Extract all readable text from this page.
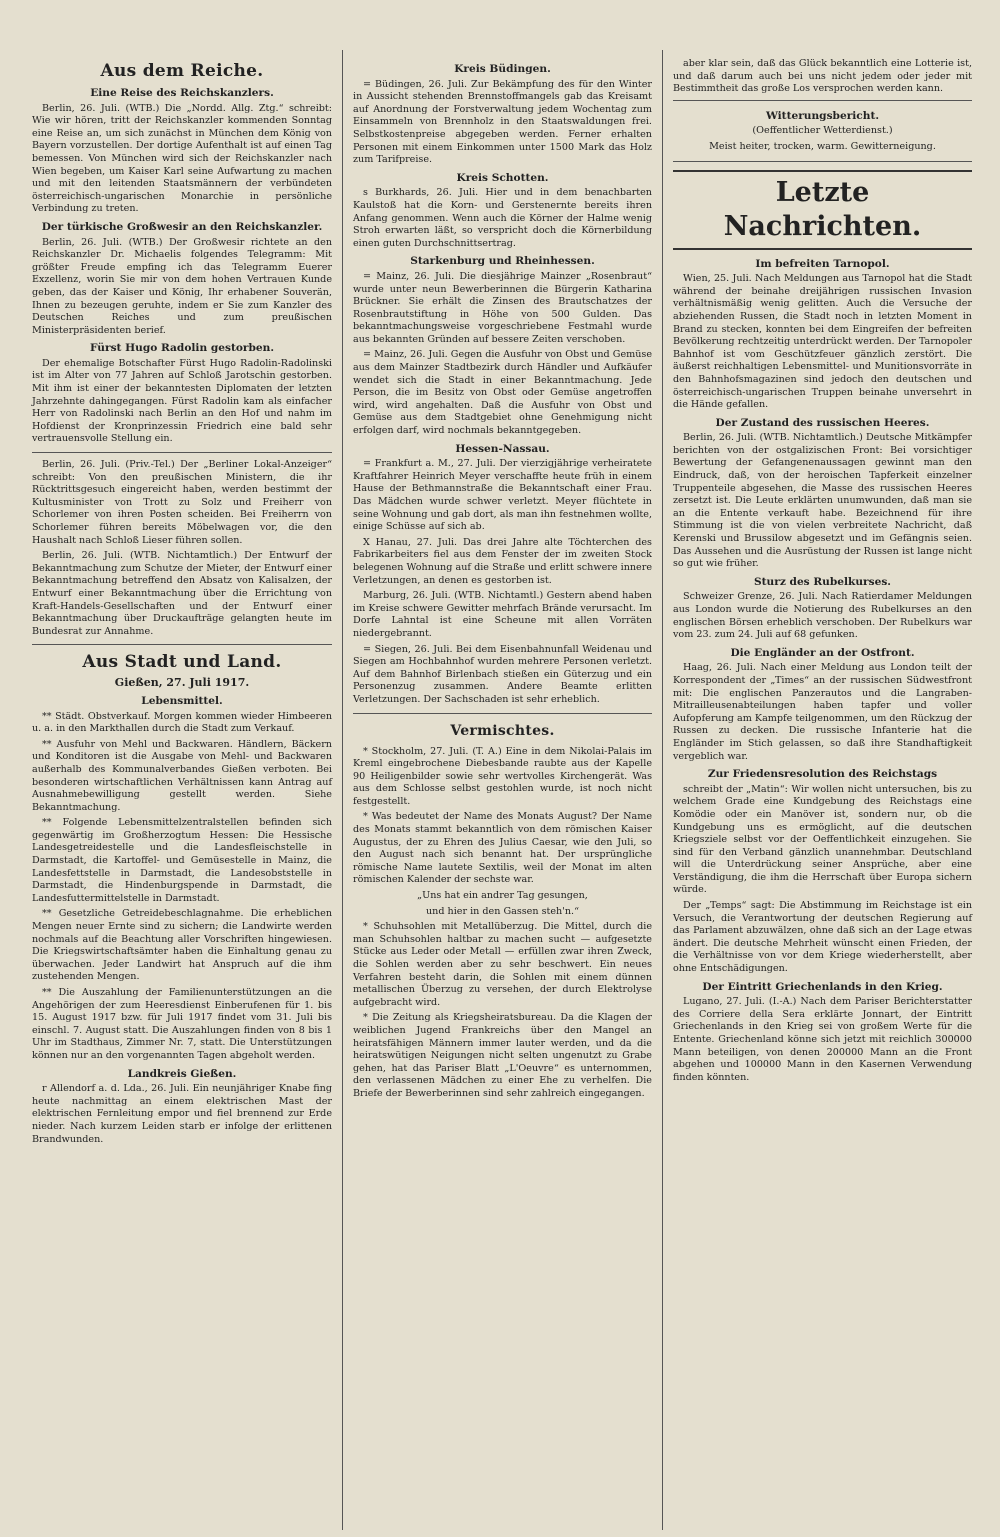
Aus dem Reiche.
Eine Reise des Reichskanzlers.
Berlin, 26. Juli. (WTB.) Die „Nordd. Allg. Ztg.“ schreibt: Wie wir hören, tritt der Reichskanzler kommenden Sonntag eine Reise an, um sich zunächst in München dem König von Bayern vorzustellen. Der dortige Aufenthalt ist auf einen Tag bemessen. Von München wird sich der Reichskanzler nach Wien begeben, um Kaiser Karl seine Aufwartung zu machen und mit den leitenden Staatsmännern der verbündeten österreichisch-ungarischen Monarchie in persönliche Verbindung zu treten.
Der türkische Großwesir an den Reichskanzler.
Berlin, 26. Juli. (WTB.) Der Großwesir richtete an den Reichskanzler Dr. Michaelis folgendes Telegramm: Mit größter Freude empfing ich das Telegramm Euerer Exzellenz, worin Sie mir von dem hohen Vertrauen Kunde geben, das der Kaiser und König, Ihr erhabener Souverän, Ihnen zu bezeugen geruhte, indem er Sie zum Kanzler des Deutschen Reiches und zum preußischen Ministerpräsidenten berief.
Fürst Hugo Radolin gestorben.
Der ehemalige Botschafter Fürst Hugo Radolin-Radolinski ist im Alter von 77 Jahren auf Schloß Jarotschin gestorben. Mit ihm ist einer der bekanntesten Diplomaten der letzten Jahrzehnte dahingegangen. Fürst Radolin kam als einfacher Herr von Radolinski nach Berlin an den Hof und nahm im Hofdienst der Kronprinzessin Friedrich eine bald sehr vertrauensvolle Stellung ein.
Berlin, 26. Juli. (Priv.-Tel.) Der „Berliner Lokal-Anzeiger“ schreibt: Von den preußischen Ministern, die ihr Rücktrittsgesuch eingereicht haben, werden bestimmt der Kultusminister von Trott zu Solz und Freiherr von Schorlemer von ihren Posten scheiden. Bei Freiherrn von Schorlemer führen bereits Möbelwagen vor, die den Haushalt nach Schloß Lieser führen sollen.
Berlin, 26. Juli. (WTB. Nichtamtlich.) Der Entwurf der Bekanntmachung zum Schutze der Mieter, der Entwurf einer Bekanntmachung betreffend den Absatz von Kalisalzen, der Entwurf einer Bekanntmachung über die Errichtung von Kraft-Handels-Gesellschaften und der Entwurf einer Bekanntmachung über Druckaufträge gelangten heute im Bundesrat zur Annahme.
Aus Stadt und Land.
Gießen, 27. Juli 1917.
Lebensmittel.
** Städt. Obstverkauf. Morgen kommen wieder Himbeeren u. a. in den Markthallen durch die Stadt zum Verkauf.
** Ausfuhr von Mehl und Backwaren. Händlern, Bäckern und Konditoren ist die Ausgabe von Mehl- und Backwaren außerhalb des Kommunalverbandes Gießen verboten. Bei besonderen wirtschaftlichen Verhältnissen kann Antrag auf Ausnahmebewilligung gestellt werden. Siehe Bekanntmachung.
** Folgende Lebensmittelzentralstellen befinden sich gegenwärtig im Großherzogtum Hessen: Die Hessische Landesgetreidestelle und die Landesfleischstelle in Darmstadt, die Kartoffel- und Gemüsestelle in Mainz, die Landesfettstelle in Darmstadt, die Landesobststelle in Darmstadt, die Hindenburgspende in Darmstadt, die Landesfuttermittelstelle in Darmstadt.
** Gesetzliche Getreidebeschlagnahme. Die erheblichen Mengen neuer Ernte sind zu sichern; die Landwirte werden nochmals auf die Beachtung aller Vorschriften hingewiesen. Die Kriegswirtschaftsämter haben die Einhaltung genau zu überwachen. Jeder Landwirt hat Anspruch auf die ihm zustehenden Mengen.
** Die Auszahlung der Familienunterstützungen an die Angehörigen der zum Heeresdienst Einberufenen für 1. bis 15. August 1917 bzw. für Juli 1917 findet vom 31. Juli bis einschl. 7. August statt. Die Auszahlungen finden von 8 bis 1 Uhr im Stadthaus, Zimmer Nr. 7, statt. Die Unterstützungen können nur an den vorgenannten Tagen abgeholt werden.
Landkreis Gießen.
r Allendorf a. d. Lda., 26. Juli. Ein neunjähriger Knabe fing heute nachmittag an einem elektrischen Mast der elektrischen Fernleitung empor und fiel brennend zur Erde nieder. Nach kurzem Leiden starb er infolge der erlittenen Brandwunden.
Kreis Büdingen.
= Büdingen, 26. Juli. Zur Bekämpfung des für den Winter in Aussicht stehenden Brennstoffmangels gab das Kreisamt auf Anordnung der Forstverwaltung jedem Wochentag zum Einsammeln von Brennholz in den Staatswaldungen frei. Selbstkostenpreise abgegeben werden. Ferner erhalten Personen mit einem Einkommen unter 1500 Mark das Holz zum Tarifpreise.
Kreis Schotten.
s Burkhards, 26. Juli. Hier und in dem benachbarten Kaulstoß hat die Korn- und Gerstenernte bereits ihren Anfang genommen. Wenn auch die Körner der Halme wenig Stroh erwarten läßt, so verspricht doch die Körnerbildung einen guten Durchschnittsertrag.
Starkenburg und Rheinhessen.
= Mainz, 26. Juli. Die diesjährige Mainzer „Rosenbraut“ wurde unter neun Bewerberinnen die Bürgerin Katharina Brückner. Sie erhält die Zinsen des Brautschatzes der Rosenbrautstiftung in Höhe von 500 Gulden. Das bekanntmachungsweise vorgeschriebene Festmahl wurde aus bekannten Gründen auf bessere Zeiten verschoben.
= Mainz, 26. Juli. Gegen die Ausfuhr von Obst und Gemüse aus dem Mainzer Stadtbezirk durch Händler und Aufkäufer wendet sich die Stadt in einer Bekanntmachung. Jede Person, die im Besitz von Obst oder Gemüse angetroffen wird, wird angehalten. Daß die Ausfuhr von Obst und Gemüse aus dem Stadtgebiet ohne Genehmigung nicht erfolgen darf, wird nochmals bekanntgegeben.
Hessen-Nassau.
= Frankfurt a. M., 27. Juli. Der vierzigjährige verheiratete Kraftfahrer Heinrich Meyer verschaffte heute früh in einem Hause der Bethmannstraße die Bekanntschaft einer Frau. Das Mädchen wurde schwer verletzt. Meyer flüchtete in seine Wohnung und gab dort, als man ihn festnehmen wollte, einige Schüsse auf sich ab.
X Hanau, 27. Juli. Das drei Jahre alte Töchterchen des Fabrikarbeiters fiel aus dem Fenster der im zweiten Stock belegenen Wohnung auf die Straße und erlitt schwere innere Verletzungen, an denen es gestorben ist.
Marburg, 26. Juli. (WTB. Nichtamtl.) Gestern abend haben im Kreise schwere Gewitter mehrfach Brände verursacht. Im Dorfe Lahntal ist eine Scheune mit allen Vorräten niedergebrannt.
= Siegen, 26. Juli. Bei dem Eisenbahnunfall Weidenau und Siegen am Hochbahnhof wurden mehrere Personen verletzt. Auf dem Bahnhof Birlenbach stießen ein Güterzug und ein Personenzug zusammen. Andere Beamte erlitten Verletzungen. Der Sachschaden ist sehr erheblich.
Vermischtes.
* Stockholm, 27. Juli. (T. A.) Eine in dem Nikolai-Palais im Kreml eingebrochene Diebesbande raubte aus der Kapelle 90 Heiligenbilder sowie sehr wertvolles Kirchengerät. Was aus dem Schlosse selbst gestohlen wurde, ist noch nicht festgestellt.
* Was bedeutet der Name des Monats August? Der Name des Monats stammt bekanntlich von dem römischen Kaiser Augustus, der zu Ehren des Julius Caesar, wie den Juli, so den August nach sich benannt hat. Der ursprüngliche römische Name lautete Sextilis, weil der Monat im alten römischen Kalender der sechste war.
„Uns hat ein andrer Tag gesungen,
und hier in den Gassen steh'n.“
* Schuhsohlen mit Metallüberzug. Die Mittel, durch die man Schuhsohlen haltbar zu machen sucht — aufgesetzte Stücke aus Leder oder Metall — erfüllen zwar ihren Zweck, die Sohlen werden aber zu sehr beschwert. Ein neues Verfahren besteht darin, die Sohlen mit einem dünnen metallischen Überzug zu versehen, der durch Elektrolyse aufgebracht wird.
* Die Zeitung als Kriegsheiratsbureau. Da die Klagen der weiblichen Jugend Frankreichs über den Mangel an heiratsfähigen Männern immer lauter werden, und da die heiratswütigen Neigungen nicht selten ungenutzt zu Grabe gehen, hat das Pariser Blatt „L'Oeuvre“ es unternommen, den verlassenen Mädchen zu einer Ehe zu verhelfen. Die Briefe der Bewerberinnen sind sehr zahlreich eingegangen.
aber klar sein, daß das Glück bekanntlich eine Lotterie ist, und daß darum auch bei uns nicht jedem oder jeder mit Bestimmtheit das große Los versprochen werden kann.
Witterungsbericht.
(Oeffentlicher Wetterdienst.)
Meist heiter, trocken, warm. Gewitterneigung.
Letzte Nachrichten.
Im befreiten Tarnopol.
Wien, 25. Juli. Nach Meldungen aus Tarnopol hat die Stadt während der beinahe dreijährigen russischen Invasion verhältnismäßig wenig gelitten. Auch die Versuche der abziehenden Russen, die Stadt noch in letzten Moment in Brand zu stecken, konnten bei dem Eingreifen der befreiten Bevölkerung rechtzeitig unterdrückt werden. Der Tarnopoler Bahnhof ist vom Geschützfeuer gänzlich zerstört. Die äußerst reichhaltigen Lebensmittel- und Munitionsvorräte in den Bahnhofsmagazinen sind jedoch den deutschen und österreichisch-ungarischen Truppen beinahe unversehrt in die Hände gefallen.
Der Zustand des russischen Heeres.
Berlin, 26. Juli. (WTB. Nichtamtlich.) Deutsche Mitkämpfer berichten von der ostgalizischen Front: Bei vorsichtiger Bewertung der Gefangenenaussagen gewinnt man den Eindruck, daß, von der heroischen Tapferkeit einzelner Truppenteile abgesehen, die Masse des russischen Heeres zersetzt ist. Die Leute erklärten unumwunden, daß man sie an die Entente verkauft habe. Bezeichnend für ihre Stimmung ist die von vielen verbreitete Nachricht, daß Kerenski und Brussilow abgesetzt und im Gefängnis seien. Das Aussehen und die Ausrüstung der Russen ist lange nicht so gut wie früher.
Sturz des Rubelkurses.
Schweizer Grenze, 26. Juli. Nach Ratierdamer Meldungen aus London wurde die Notierung des Rubelkurses an den englischen Börsen erheblich verschoben. Der Rubelkurs war vom 23. zum 24. Juli auf 68 gefunken.
Die Engländer an der Ostfront.
Haag, 26. Juli. Nach einer Meldung aus London teilt der Korrespondent der „Times“ an der russischen Südwestfront mit: Die englischen Panzerautos und die Langraben-Mitrailleusenabteilungen haben tapfer und voller Aufopferung am Kampfe teilgenommen, um den Rückzug der Russen zu decken. Die russische Infanterie hat die Engländer im Stich gelassen, so daß ihre Standhaftigkeit vergeblich war.
Zur Friedensresolution des Reichstags
schreibt der „Matin“: Wir wollen nicht untersuchen, bis zu welchem Grade eine Kundgebung des Reichstags eine Komödie oder ein Manöver ist, sondern nur, ob die Kundgebung uns es ermöglicht, auf die deutschen Kriegsziele selbst vor der Oeffentlichkeit einzugehen. Sie sind für den Verband gänzlich unannehmbar. Deutschland will die Unterdrückung seiner Ansprüche, aber eine Verständigung, die ihm die Herrschaft über Europa sichern würde.
Der „Temps“ sagt: Die Abstimmung im Reichstage ist ein Versuch, die Verantwortung der deutschen Regierung auf das Parlament abzuwälzen, ohne daß sich an der Lage etwas ändert. Die deutsche Mehrheit wünscht einen Frieden, der die Verhältnisse von vor dem Kriege wiederherstellt, aber ohne Entschädigungen.
Der Eintritt Griechenlands in den Krieg.
Lugano, 27. Juli. (I.-A.) Nach dem Pariser Berichterstatter des Corriere della Sera erklärte Jonnart, der Eintritt Griechenlands in den Krieg sei von großem Werte für die Entente. Griechenland könne sich jetzt mit reichlich 300000 Mann beteiligen, von denen 200000 Mann an die Front abgehen und 100000 Mann in den Kasernen Verwendung finden könnten.
